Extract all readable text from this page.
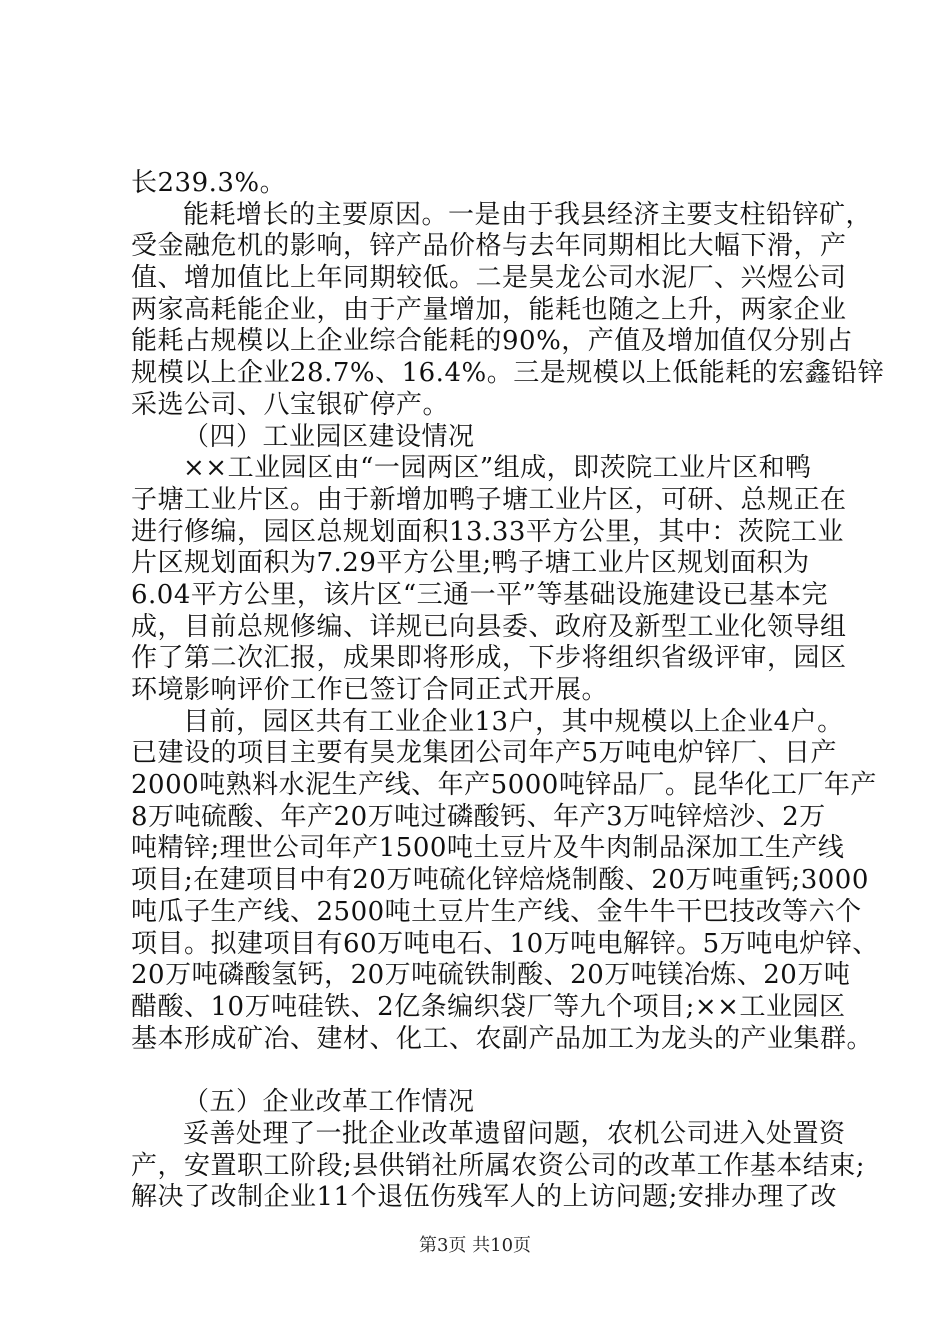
长239.3%。
能耗增长的主要原因。一是由于我县经济主要支柱铅锌矿，
受金融危机的影响，锌产品价格与去年同期相比大幅下滑，产
值、增加值比上年同期较低。二是昊龙公司水泥厂、兴煜公司
两家高耗能企业，由于产量增加，能耗也随之上升，两家企业
能耗占规模以上企业综合能耗的90%，产值及增加值仅分别占
规模以上企业28.7%、16.4%。三是规模以上低能耗的宏鑫铅锌
采选公司、八宝银矿停产。
（四）工业园区建设情况
××工业园区由“一园两区”组成，即茨院工业片区和鸭
子塘工业片区。由于新增加鸭子塘工业片区，可研、总规正在
进行修编，园区总规划面积13.33平方公里，其中：茨院工业
片区规划面积为7.29平方公里;鸭子塘工业片区规划面积为
6.04平方公里，该片区“三通一平”等基础设施建设已基本完
成，目前总规修编、详规已向县委、政府及新型工业化领导组
作了第二次汇报，成果即将形成，下步将组织省级评审，园区
环境影响评价工作已签订合同正式开展。
目前，园区共有工业企业13户，其中规模以上企业4户。
已建设的项目主要有昊龙集团公司年产5万吨电炉锌厂、日产
2000吨熟料水泥生产线、年产5000吨锌品厂。昆华化工厂年产
8万吨硫酸、年产20万吨过磷酸钙、年产3万吨锌焙沙、2万
吨精锌;理世公司年产1500吨土豆片及牛肉制品深加工生产线
项目;在建项目中有20万吨硫化锌焙烧制酸、20万吨重钙;3000
吨瓜子生产线、2500吨土豆片生产线、金牛牛干巴技改等六个
项目。拟建项目有60万吨电石、10万吨电解锌。5万吨电炉锌、
20万吨磷酸氢钙，20万吨硫铁制酸、20万吨镁冶炼、20万吨
醋酸、10万吨硅铁、2亿条编织袋厂等九个项目;××工业园区
基本形成矿冶、建材、化工、农副产品加工为龙头的产业集群。
（五）企业改革工作情况
妥善处理了一批企业改革遗留问题，农机公司进入处置资
产，安置职工阶段;县供销社所属农资公司的改革工作基本结束;
解决了改制企业11个退伍伤残军人的上访问题;安排办理了改
第3页 共10页
